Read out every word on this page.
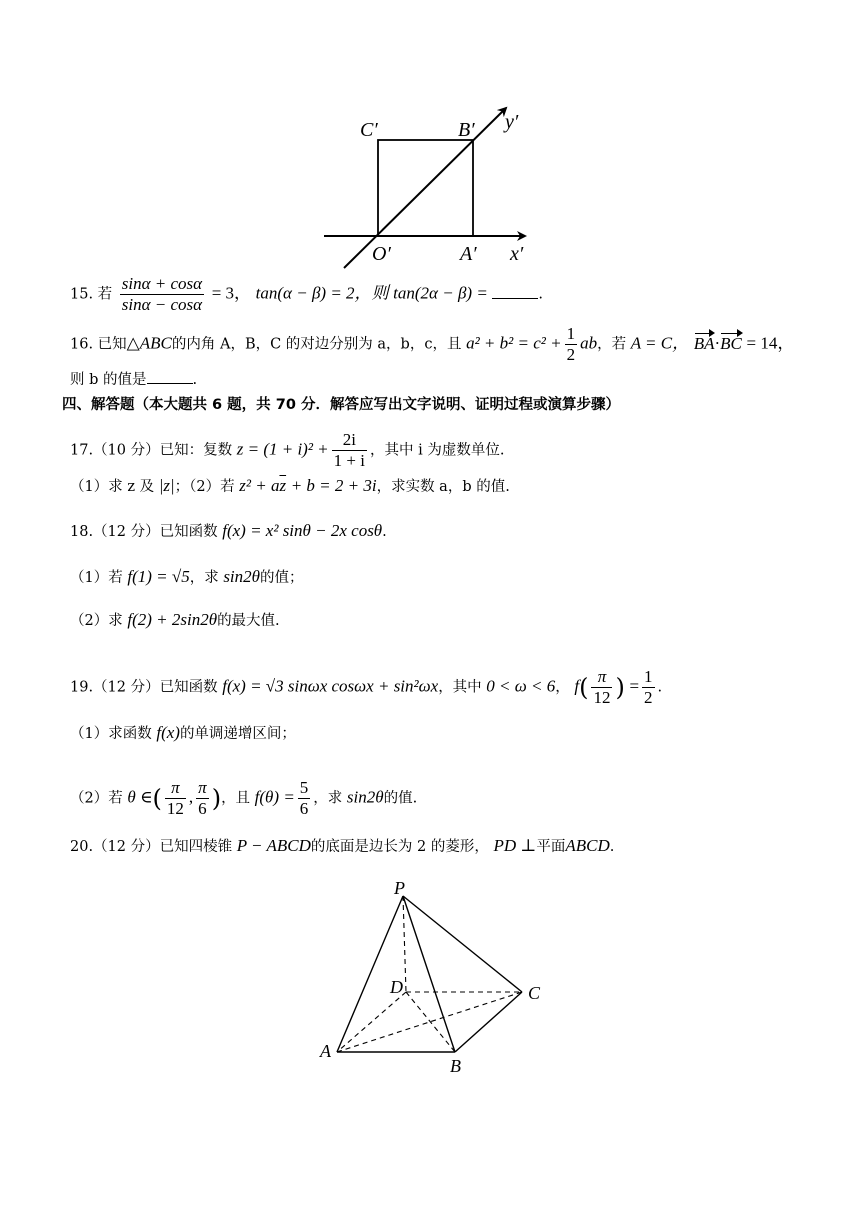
C′	B′ y′
O′	A′ x′
15. 若 $\frac{\sin\alpha + \cos\alpha}{\sin\alpha - \cos\alpha} = 3$， tan(α − β) = 2，则 tan(2α − β) =	.
16. 已知△ABC的内角 A，B，C 的对边分别为 a，b，c，且 $a^2 + b^2 = c^2 + \frac{1}{2}$ ab，若 A = C， BA·BC = 14，
则 b 的值是	.
四、解答题（本大题共 6 题，共 70 分．解答应写出文字说明、证明过程或演算步骤）
17.（10 分）已知：复数 $z = (1 + i)^2 + \frac{2i}{1 + i}$ ，其中 i 为虚数单位.
（1）求 z 及 |z|；（2）若 $z^2 + a\overline{z} + b = 2 + 3i$，求实数 a，b 的值.
18.（12 分）已知函数 f(x) = x² sinθ − 2x cosθ.
（1）若 f(1) = √5，求 sin2θ的值；
（2）求 f(2) + 2sin2θ的最大值.
19.（12 分）已知函数 f(x) = √3 sinωx cosωx + sin²ωx，其中 0 < ω < 6， $f( \frac{\pi}{12}$ ) = $\frac{1}{2}$ .
（1）求函数 f(x)的单调递增区间；
（2）若 θ ∈( $\frac{\pi}{12}$ , $\frac{\pi}{6}$ )，且 $f(\theta) = \frac{5}{6}$ ，求 sin2θ的值.
20.（12 分）已知四棱锥 P − ABCD的底面是边长为 2 的菱形， PD ⊥平面ABCD.
P
D	C
A
B
